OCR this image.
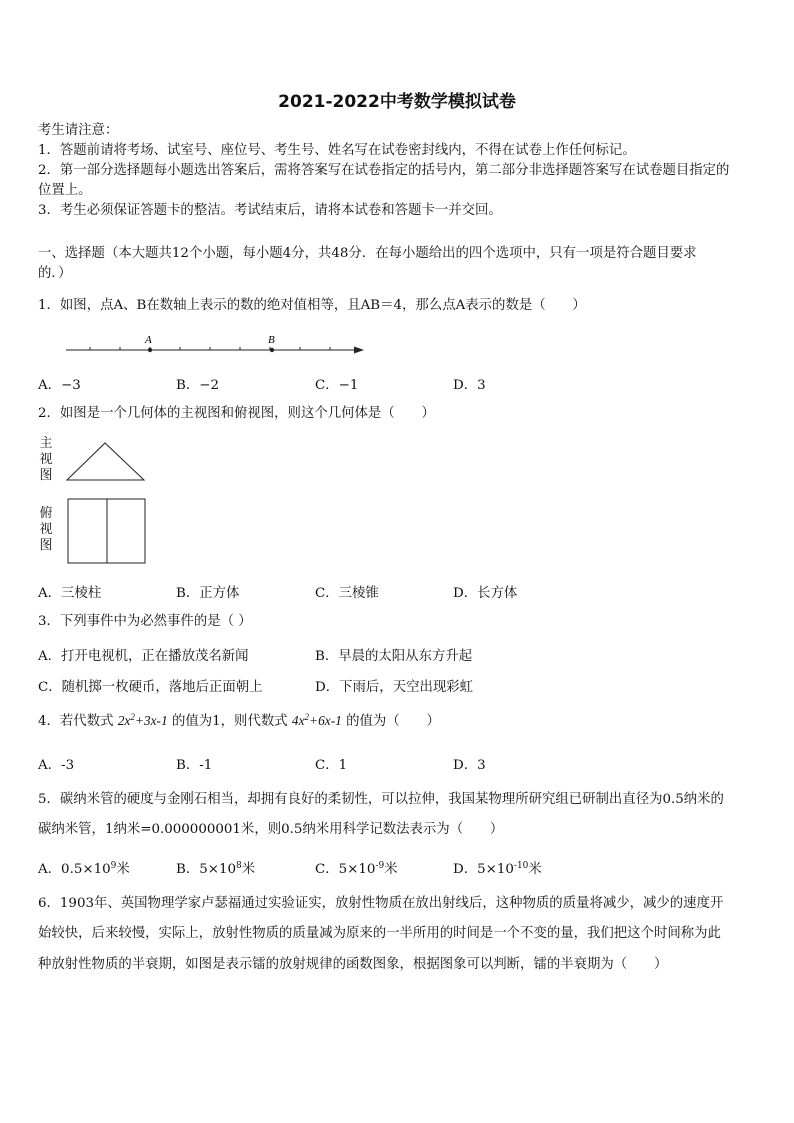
2021-2022中考数学模拟试卷
考生请注意：
1．答题前请将考场、试室号、座位号、考生号、姓名写在试卷密封线内，不得在试卷上作任何标记。
2．第一部分选择题每小题选出答案后，需将答案写在试卷指定的括号内，第二部分非选择题答案写在试卷题目指定的
位置上。
3．考生必须保证答题卡的整洁。考试结束后，请将本试卷和答题卡一并交回。
一、选择题（本大题共12个小题，每小题4分，共48分．在每小题给出的四个选项中，只有一项是符合题目要求
的．）
1．如图，点A、B在数轴上表示的数的绝对值相等，且AB＝4，那么点A表示的数是（　　）
A	B
A．−3	B．−2	C．−1	D．3
2．如图是一个几何体的主视图和俯视图，则这个几何体是（　　）
主
视
图
俯
视
图
A．三棱柱	B．正方体	C．三棱锥	D．长方体
3．下列事件中为必然事件的是（ ）
A．打开电视机，正在播放茂名新闻	B．早晨的太阳从东方升起
C．随机掷一枚硬币，落地后正面朝上	D．下雨后，天空出现彩虹
4．若代数式 $2x^2+3x-1$ 的值为1，则代数式 $4x^2+6x-1$ 的值为（　　）
A．-3	B．-1	C．1	D．3
5．碳纳米管的硬度与金刚石相当，却拥有良好的柔韧性，可以拉伸，我国某物理所研究组已研制出直径为0.5纳米的
碳纳米管，1纳米=0.000000001米，则0.5纳米用科学记数法表示为（　　）
A．$0.5\times 10^9$米	B．$5\times 10^8$米	C．$5\times 10^{-9}$米	D．$5\times 10^{-10}$米
6．1903年、英国物理学家卢瑟福通过实验证实，放射性物质在放出射线后，这种物质的质量将减少，减少的速度开
始较快，后来较慢，实际上，放射性物质的质量减为原来的一半所用的时间是一个不变的量，我们把这个时间称为此
种放射性物质的半衰期，如图是表示镭的放射规律的函数图象，根据图象可以判断，镭的半衰期为（　　）
